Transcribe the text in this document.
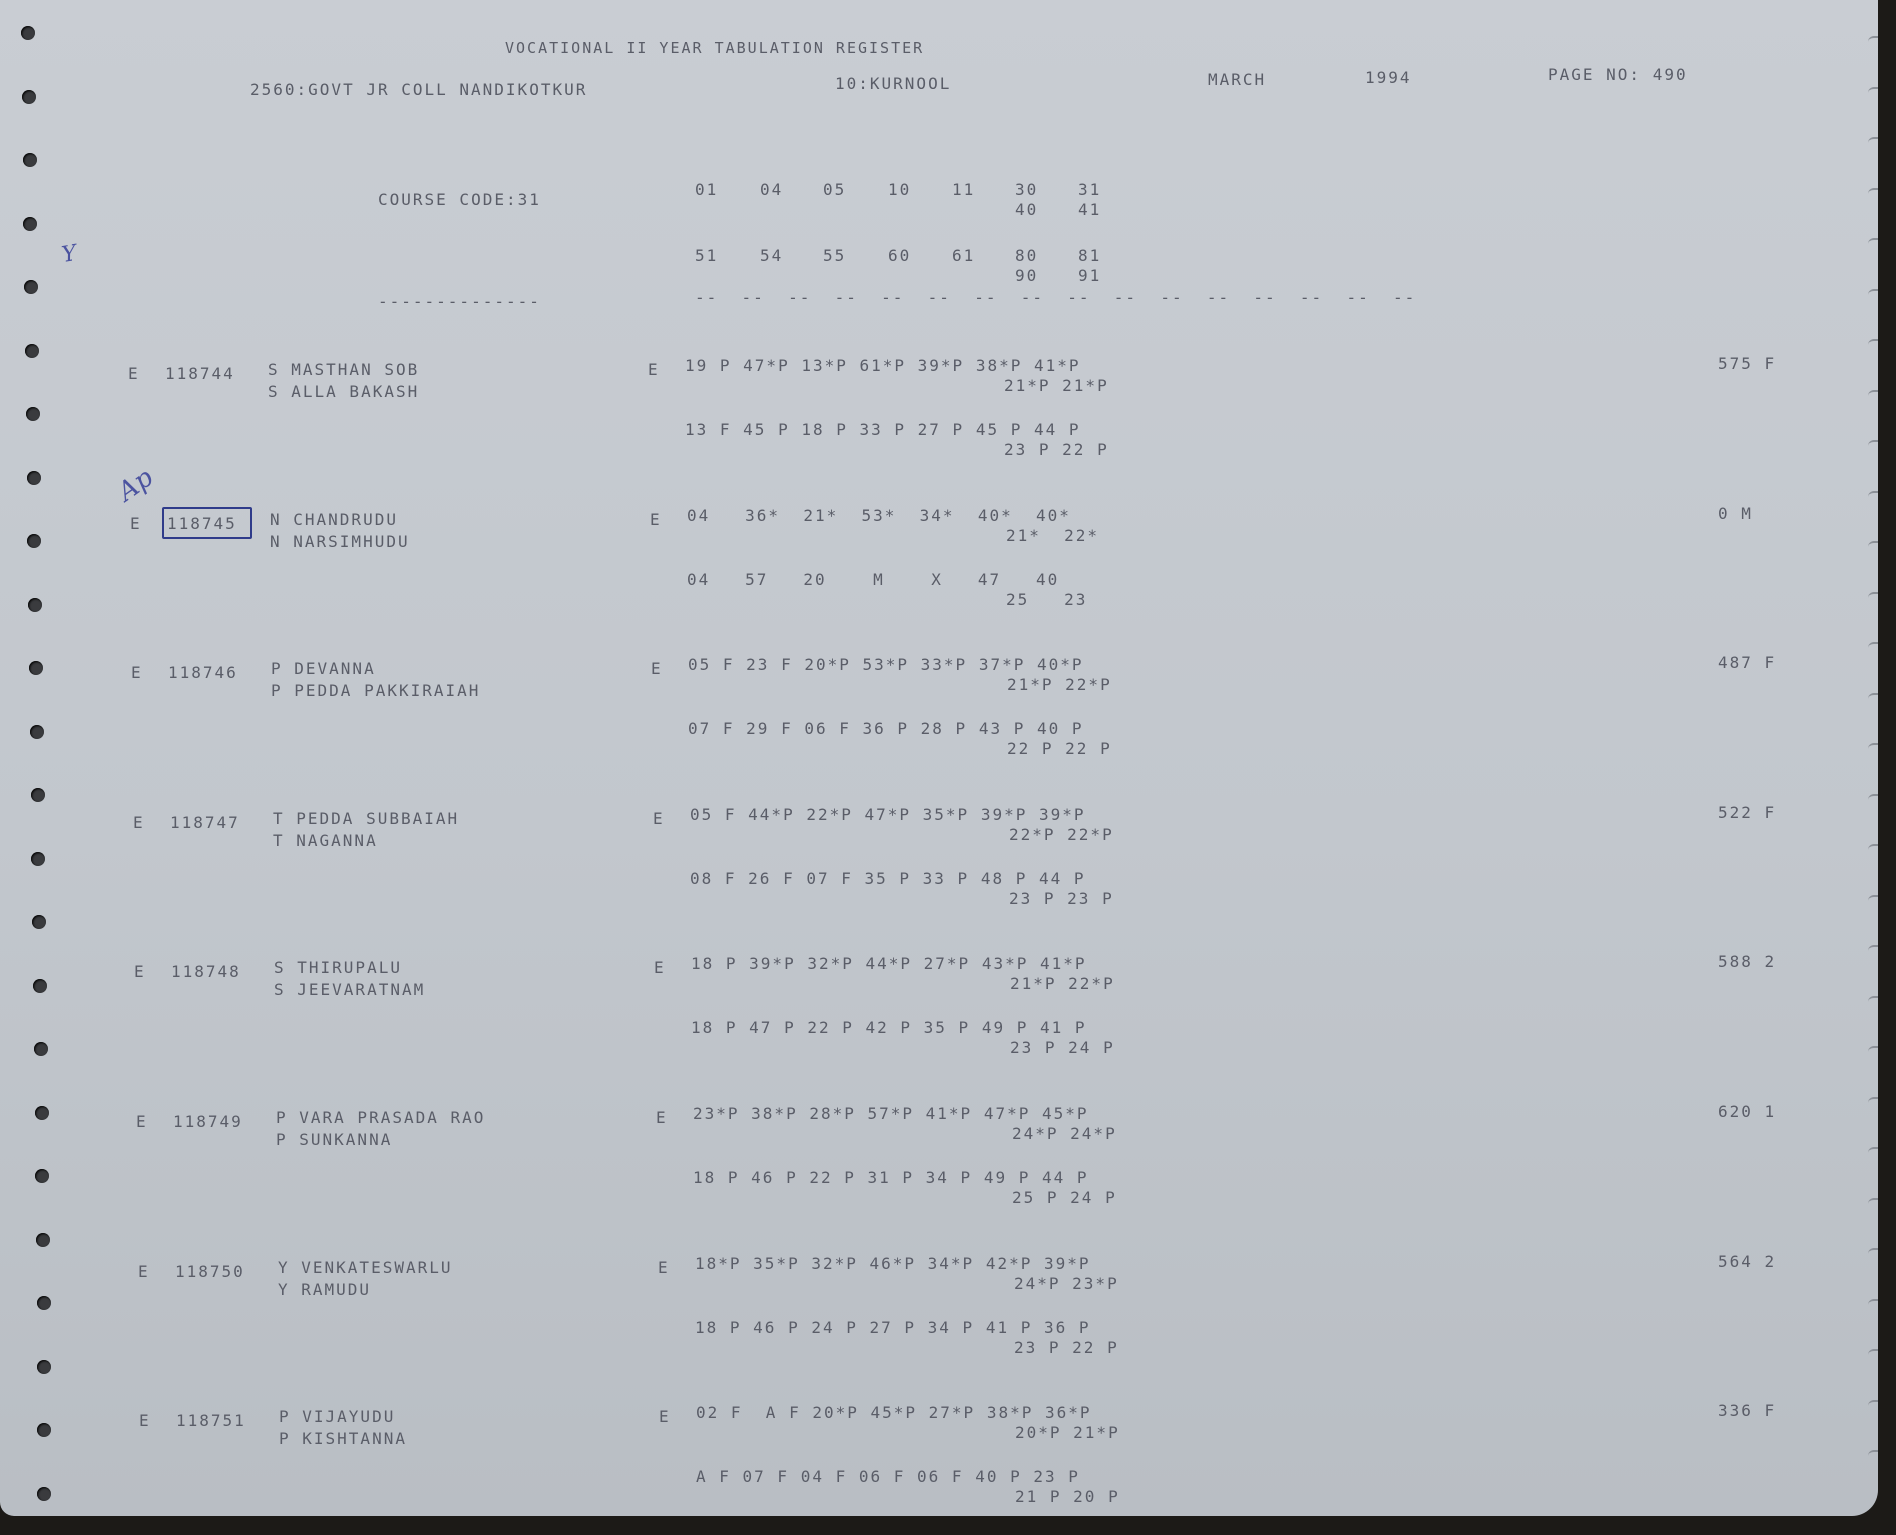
VOCATIONAL II YEAR TABULATION REGISTER
2560:GOVT JR COLL NANDIKOTKUR	10:KURNOOL	MARCH	1994	PAGE NO: 490
COURSE CODE:31
01	04 05	10	11 30 31
40 41
51	54 55	60	61 80 81
90 91
--------------	--  --  --  --  --  --  --  --  --  --  --  --  --  --  --  --
Ap
Y
E 118744 S MASTHAN SOB
S ALLA BAKASH
E 19 P 47*P 13*P 61*P 39*P 38*P 41*P
21*P 21*P
13 F 45 P 18 P 33 P 27 P 45 P 44 P
23 P 22 P
575 F
E 118745 N CHANDRUDU
N NARSIMHUDU
E 04   36*  21*  53*  34*  40*  40*
21*  22*
04   57   20    M    X   47   40
25   23
0 M
E 118746 P DEVANNA
P PEDDA PAKKIRAIAH
E 05 F 23 F 20*P 53*P 33*P 37*P 40*P
21*P 22*P
07 F 29 F 06 F 36 P 28 P 43 P 40 P
22 P 22 P
487 F
E 118747 T PEDDA SUBBAIAH
T NAGANNA
E 05 F 44*P 22*P 47*P 35*P 39*P 39*P
22*P 22*P
08 F 26 F 07 F 35 P 33 P 48 P 44 P
23 P 23 P
522 F
E 118748 S THIRUPALU
S JEEVARATNAM
E 18 P 39*P 32*P 44*P 27*P 43*P 41*P
21*P 22*P
18 P 47 P 22 P 42 P 35 P 49 P 41 P
23 P 24 P
588 2
E 118749 P VARA PRASADA RAO
P SUNKANNA
E 23*P 38*P 28*P 57*P 41*P 47*P 45*P
24*P 24*P
18 P 46 P 22 P 31 P 34 P 49 P 44 P
25 P 24 P
620 1
E 118750 Y VENKATESWARLU
Y RAMUDU
E 18*P 35*P 32*P 46*P 34*P 42*P 39*P
24*P 23*P
18 P 46 P 24 P 27 P 34 P 41 P 36 P
23 P 22 P
564 2
E 118751 P VIJAYUDU
P KISHTANNA
E 02 F  A F 20*P 45*P 27*P 38*P 36*P
20*P 21*P
A F 07 F 04 F 06 F 06 F 40 P 23 P
21 P 20 P
336 F
